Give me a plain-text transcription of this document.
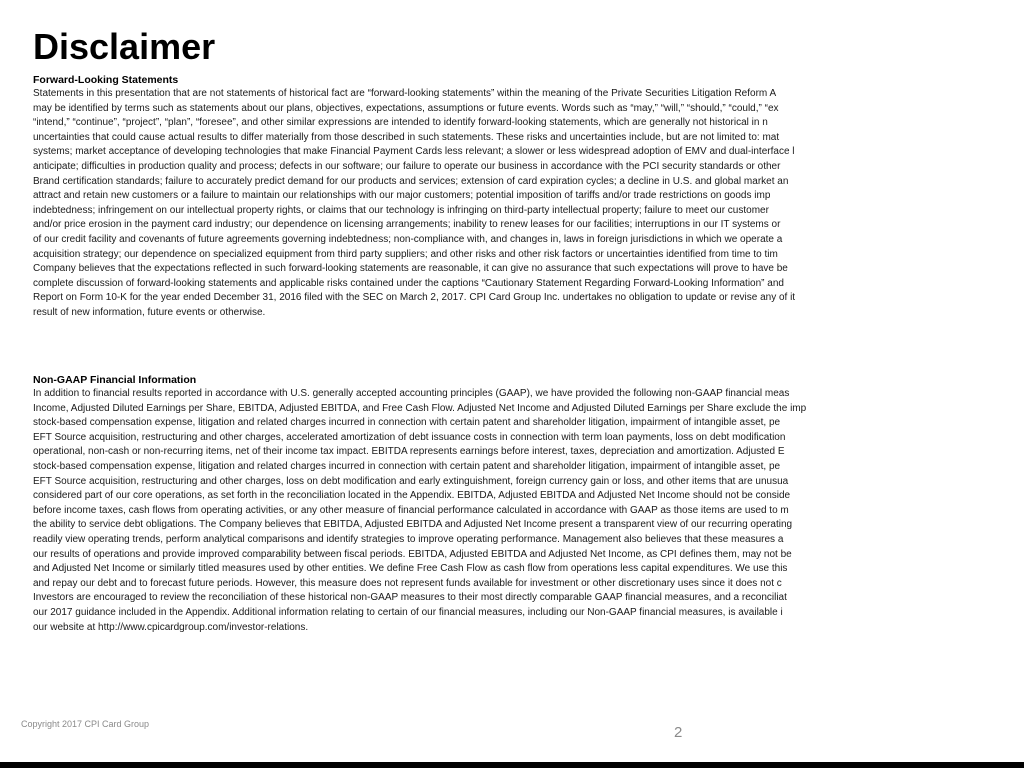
Disclaimer
Forward-Looking Statements
Statements in this presentation that are not statements of historical fact are “forward-looking statements” within the meaning of the Private Securities Litigation Reform A
may be identified by terms such as statements about our plans, objectives, expectations, assumptions or future events. Words such as “may,” “will,” “should,” “could,” “ex
“intend,” “continue”, “project”, “plan”, “foresee”, and other similar expressions are intended to identify forward-looking statements, which are generally not historical in n
uncertainties that could cause actual results to differ materially from those described in such statements. These risks and uncertainties include, but are not limited to: mat
systems; market acceptance of developing technologies that make Financial Payment Cards less relevant; a slower or less widespread adoption of EMV and dual-interface l
anticipate; difficulties in production quality and process; defects in our software; our failure to operate our business in accordance with the PCI security standards or other
Brand certification standards; failure to accurately predict demand for our products and services; extension of card expiration cycles; a decline in U.S. and global market an
attract and retain new customers or a failure to maintain our relationships with our major customers; potential imposition of tariffs and/or trade restrictions on goods imp
indebtedness; infringement on our intellectual property rights, or claims that our technology is infringing on third-party intellectual property; failure to meet our customer
and/or price erosion in the payment card industry; our dependence on licensing arrangements; inability to renew leases for our facilities; interruptions in our IT systems or
of our credit facility and covenants of future agreements governing indebtedness; non-compliance with, and changes in, laws in foreign jurisdictions in which we operate a
acquisition strategy; our dependence on specialized equipment from third party suppliers; and other risks and other risk factors or uncertainties identified from time to tim
Company believes that the expectations reflected in such forward-looking statements are reasonable, it can give no assurance that such expectations will prove to have be
complete discussion of forward-looking statements and applicable risks contained under the captions “Cautionary Statement Regarding Forward-Looking Information” and
Report on Form 10-K for the year ended December 31, 2016 filed with the SEC on March 2, 2017. CPI Card Group Inc. undertakes no obligation to update or revise any of it
result of new information, future events or otherwise.
Non-GAAP Financial Information
In addition to financial results reported in accordance with U.S. generally accepted accounting principles (GAAP), we have provided the following non-GAAP financial meas
Income, Adjusted Diluted Earnings per Share, EBITDA, Adjusted EBITDA, and Free Cash Flow. Adjusted Net Income and Adjusted Diluted Earnings per Share exclude the imp
stock-based compensation expense, litigation and related charges incurred in connection with certain patent and shareholder litigation, impairment of intangible asset, pe
EFT Source acquisition, restructuring and other charges, accelerated amortization of debt issuance costs in connection with term loan payments, loss on debt modification
operational, non-cash or non-recurring items, net of their income tax impact. EBITDA represents earnings before interest, taxes, depreciation and amortization. Adjusted E
stock-based compensation expense, litigation and related charges incurred in connection with certain patent and shareholder litigation, impairment of intangible asset, pe
EFT Source acquisition, restructuring and other charges, loss on debt modification and early extinguishment, foreign currency gain or loss, and other items that are unusua
considered part of our core operations, as set forth in the reconciliation located in the Appendix. EBITDA, Adjusted EBITDA and Adjusted Net Income should not be conside
before income taxes, cash flows from operating activities, or any other measure of financial performance calculated in accordance with GAAP as those items are used to m
the ability to service debt obligations. The Company believes that EBITDA, Adjusted EBITDA and Adjusted Net Income present a transparent view of our recurring operating
readily view operating trends, perform analytical comparisons and identify strategies to improve operating performance. Management also believes that these measures a
our results of operations and provide improved comparability between fiscal periods. EBITDA, Adjusted EBITDA and Adjusted Net Income, as CPI defines them, may not be
and Adjusted Net Income or similarly titled measures used by other entities. We define Free Cash Flow as cash flow from operations less capital expenditures. We use this
and repay our debt and to forecast future periods. However, this measure does not represent funds available for investment or other discretionary uses since it does not c
Investors are encouraged to review the reconciliation of these historical non-GAAP measures to their most directly comparable GAAP financial measures, and a reconciliat
our 2017 guidance included in the Appendix. Additional information relating to certain of our financial measures, including our Non-GAAP financial measures, is available i
our website at http://www.cpicardgroup.com/investor-relations.
Copyright 2017 CPI Card Group	2
